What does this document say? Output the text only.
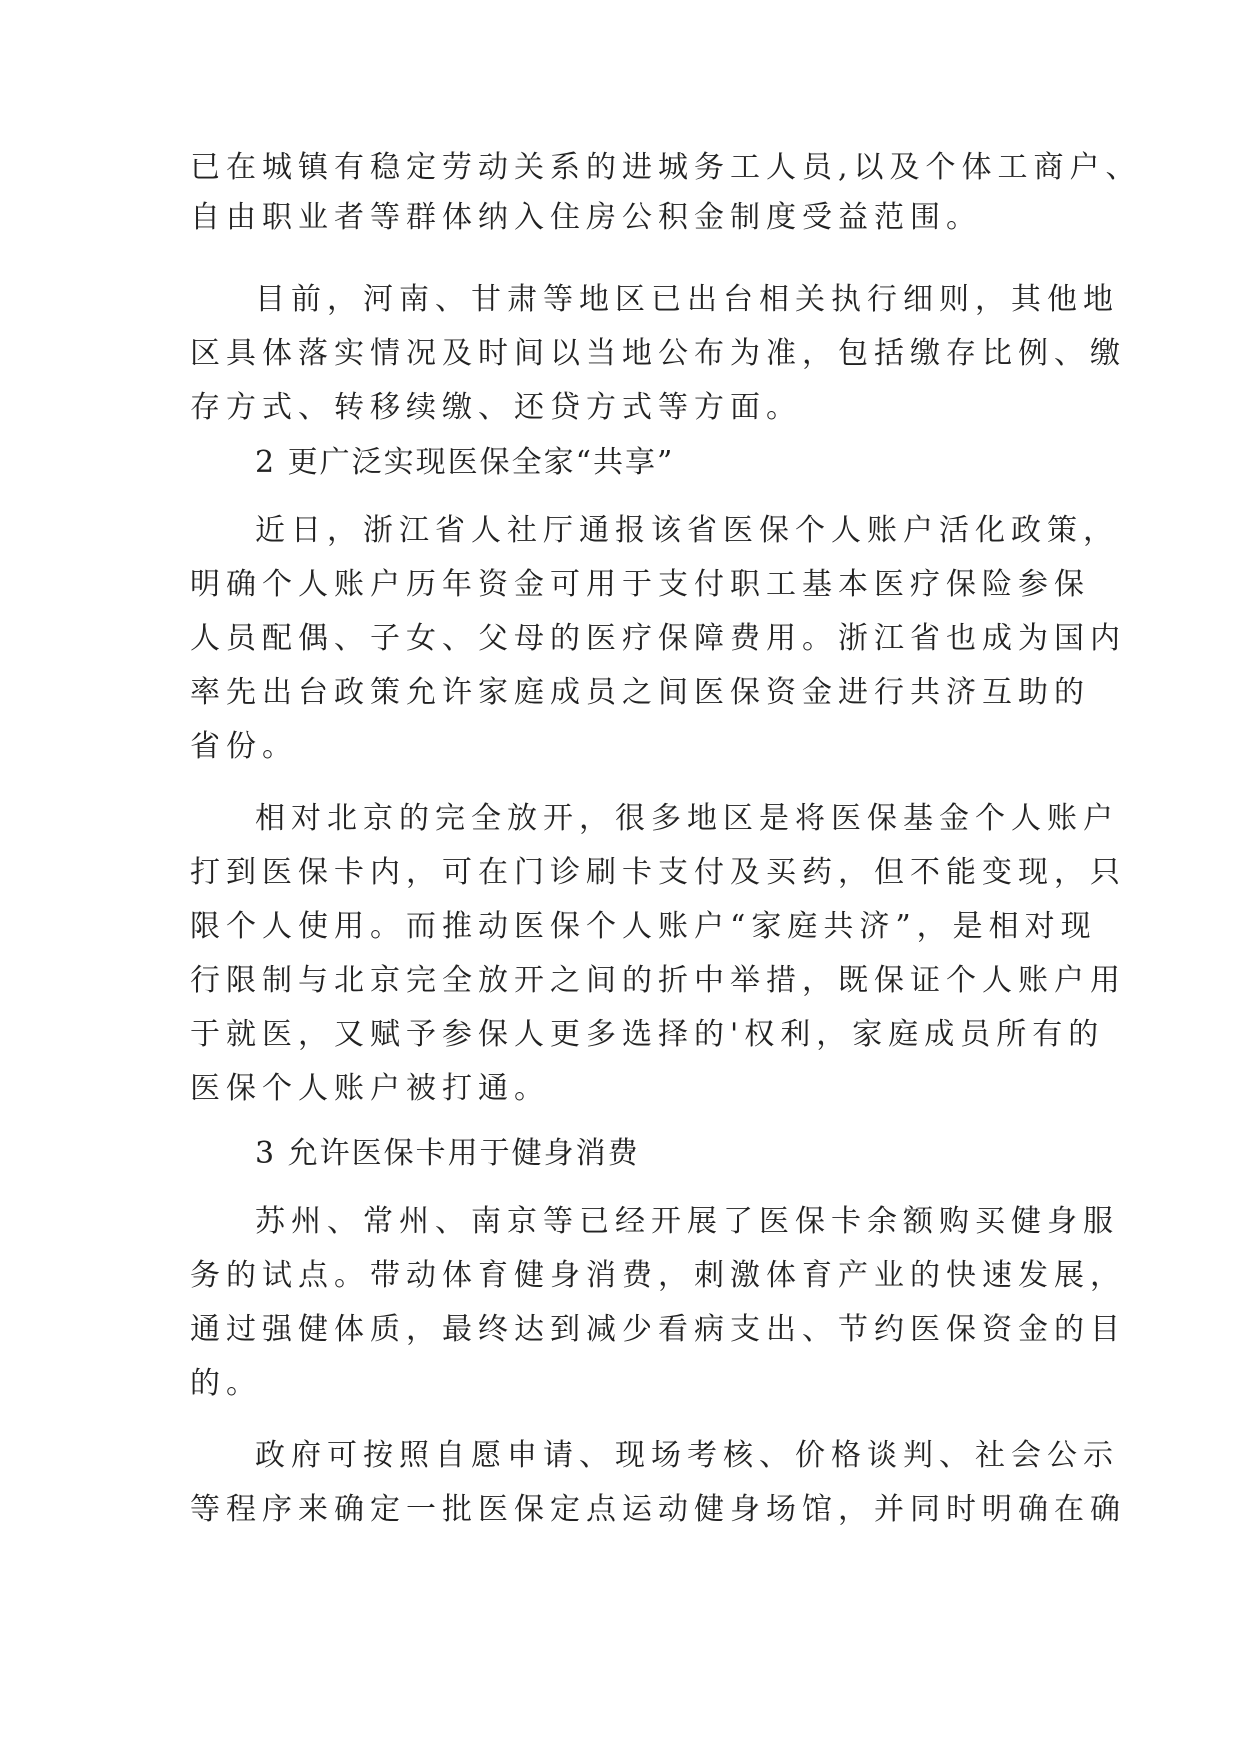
已在城镇有稳定劳动关系的进城务工人员,以及个体工商户、
自由职业者等群体纳入住房公积金制度受益范围。
目前，河南、甘肃等地区已出台相关执行细则，其他地
区具体落实情况及时间以当地公布为准，包括缴存比例、缴
存方式、转移续缴、还贷方式等方面。
2 更广泛实现医保全家“共享”
近日，浙江省人社厅通报该省医保个人账户活化政策，
明确个人账户历年资金可用于支付职工基本医疗保险参保
人员配偶、子女、父母的医疗保障费用。浙江省也成为国内
率先出台政策允许家庭成员之间医保资金进行共济互助的
省份。
相对北京的完全放开，很多地区是将医保基金个人账户
打到医保卡内，可在门诊刷卡支付及买药，但不能变现，只
限个人使用。而推动医保个人账户“家庭共济”，是相对现
行限制与北京完全放开之间的折中举措，既保证个人账户用
于就医，又赋予参保人更多选择的'权利，家庭成员所有的
医保个人账户被打通。
3 允许医保卡用于健身消费
苏州、常州、南京等已经开展了医保卡余额购买健身服
务的试点。带动体育健身消费，刺激体育产业的快速发展，
通过强健体质，最终达到减少看病支出、节约医保资金的目
的。
政府可按照自愿申请、现场考核、价格谈判、社会公示
等程序来确定一批医保定点运动健身场馆，并同时明确在确
